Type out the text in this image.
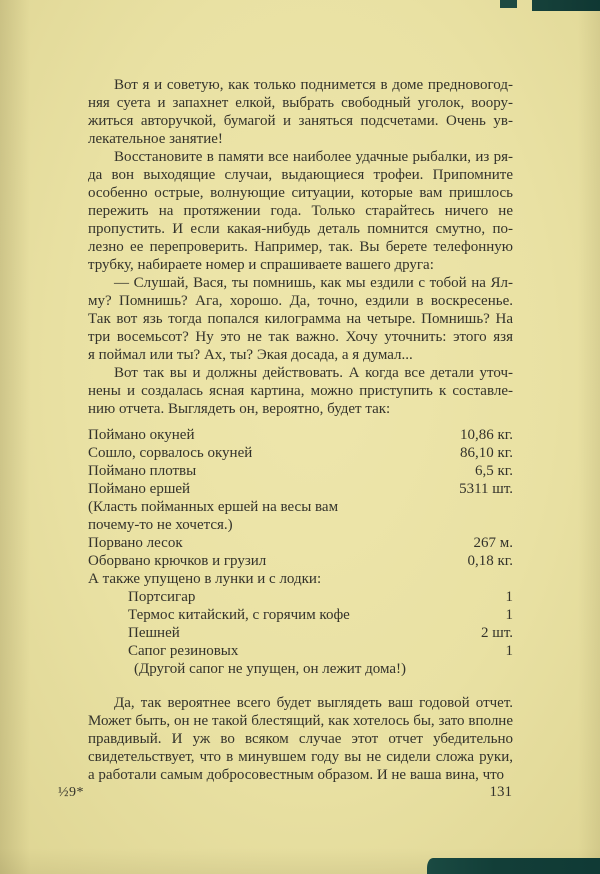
Вот я и советую, как только поднимется в доме предновогод-
няя суета и запахнет елкой, выбрать свободный уголок, воору-
житься авторучкой, бумагой и заняться подсчетами. Очень ув-
лекательное занятие!
Восстановите в памяти все наиболее удачные рыбалки, из ря-
да вон выходящие случаи, выдающиеся трофеи. Припомните
особенно острые, волнующие ситуации, которые вам пришлось
пережить на протяжении года. Только старайтесь ничего не
пропустить. И если какая-нибудь деталь помнится смутно, по-
лезно ее перепроверить. Например, так. Вы берете телефонную
трубку, набираете номер и спрашиваете вашего друга:
— Слушай, Вася, ты помнишь, как мы ездили с тобой на Ял-
му? Помнишь? Ага, хорошо. Да, точно, ездили в воскресенье.
Так вот язь тогда попался килограмма на четыре. Помнишь? На
три восемьсот? Ну это не так важно. Хочу уточнить: этого язя
я поймал или ты? Ах, ты? Экая досада, а я думал...
Вот так вы и должны действовать. А когда все детали уточ-
нены и создалась ясная картина, можно приступить к составле-
нию отчета. Выглядеть он, вероятно, будет так:
Поймано окуней	10,86 кг.
Сошло, сорвалось окуней	86,10 кг.
Поймано плотвы	6,5 кг.
Поймано ершей	5311 шт.
(Класть пойманных ершей на весы вам
почему-то не хочется.)
Порвано лесок	267 м.
Оборвано крючков и грузил	0,18 кг.
А также упущено в лунки и с лодки:
Портсигар	1
Термос китайский, с горячим кофе	1
Пешней	2 шт.
Сапог резиновых	1
(Другой сапог не упущен, он лежит дома!)
Да, так вероятнее всего будет выглядеть ваш годовой отчет.
Может быть, он не такой блестящий, как хотелось бы, зато вполне
правдивый. И уж во всяком случае этот отчет убедительно
свидетельствует, что в минувшем году вы не сидели сложа руки,
а работали самым добросовестным образом. И не ваша вина, что
½9*	131
